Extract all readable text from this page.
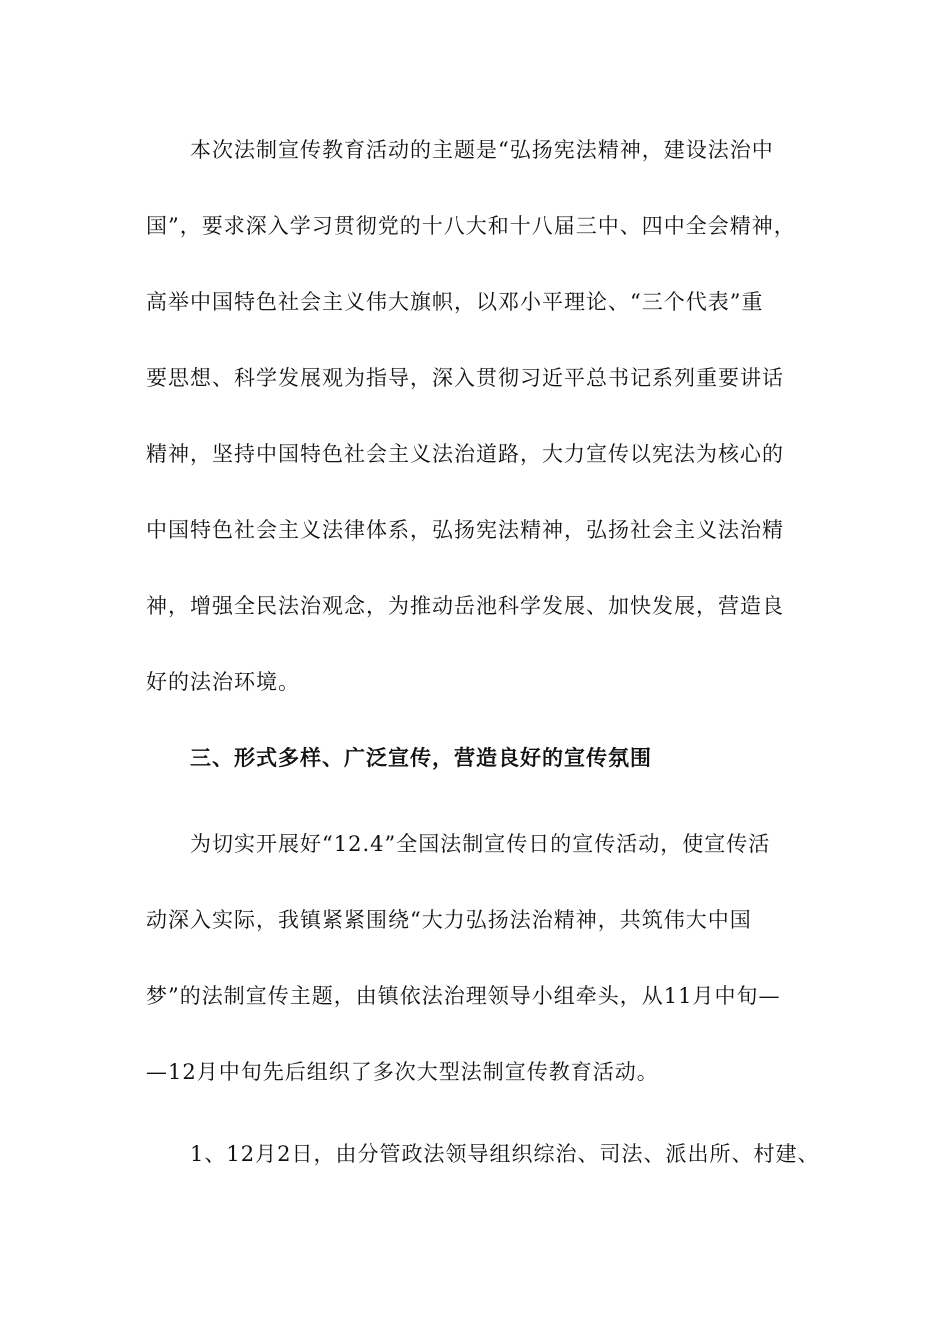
本次法制宣传教育活动的主题是“弘扬宪法精神，建设法治中

国”，要求深入学习贯彻党的十八大和十八届三中、四中全会精神，

高举中国特色社会主义伟大旗帜，以邓小平理论、“三个代表”重

要思想、科学发展观为指导，深入贯彻习近平总书记系列重要讲话

精神，坚持中国特色社会主义法治道路，大力宣传以宪法为核心的

中国特色社会主义法律体系，弘扬宪法精神，弘扬社会主义法治精

神，增强全民法治观念，为推动岳池科学发展、加快发展，营造良

好的法治环境。

三、形式多样、广泛宣传，营造良好的宣传氛围

为切实开展好“12.4”全国法制宣传日的宣传活动，使宣传活

动深入实际，我镇紧紧围绕“大力弘扬法治精神，共筑伟大中国

梦”的法制宣传主题，由镇依法治理领导小组牵头，从11月中旬—

—12月中旬先后组织了多次大型法制宣传教育活动。

1、12月2日，由分管政法领导组织综治、司法、派出所、村建、
